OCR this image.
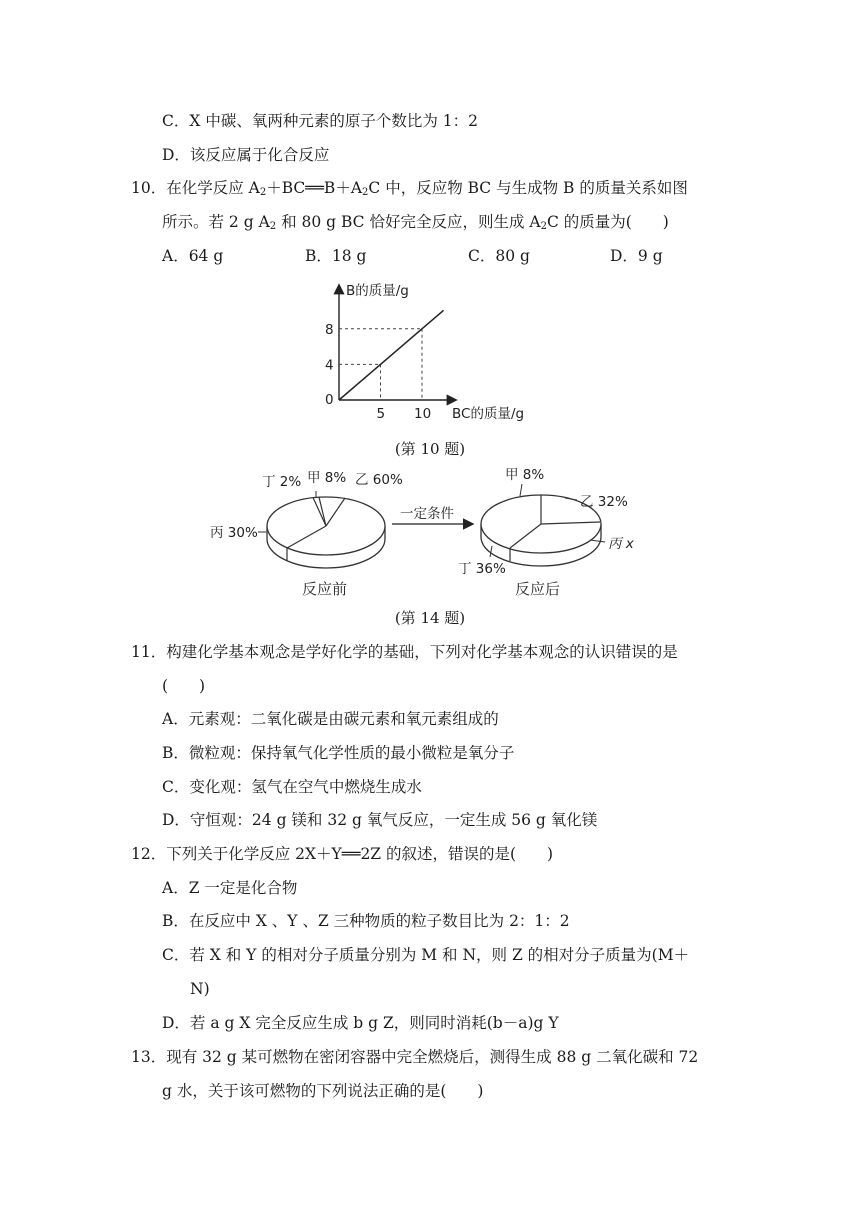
C．X 中碳、氧两种元素的原子个数比为 1：2
D．该反应属于化合反应
10．在化学反应 $A_2+BC══B+A_2C$ 中，反应物 BC 与生成物 B 的质量关系如图
所示。若 2 g $A_2$ 和 80 g BC 恰好完全反应，则生成 $A_2C$ 的质量为(　　)
A．64 g	B．18 g	C．80 g	D．9 g
B的质量/g
BC的质量/g
0
5 10
4
8
(第 10 题)
丁 2% 甲 8% 乙 60%
丙 30%
一定条件
甲 8%
乙 32%
丙 x
丁 36%
反应前	反应后
(第 14 题)
11．构建化学基本观念是学好化学的基础，下列对化学基本观念的认识错误的是
(　　)
A．元素观：二氧化碳是由碳元素和氧元素组成的
B．微粒观：保持氧气化学性质的最小微粒是氧分子
C．变化观：氢气在空气中燃烧生成水
D．守恒观：24 g 镁和 32 g 氧气反应，一定生成 56 g 氧化镁
12．下列关于化学反应 2X＋Y══2Z 的叙述，错误的是(　　)
A．Z 一定是化合物
B．在反应中 X 、Y 、Z 三种物质的粒子数目比为 2：1：2
C．若 X 和 Y 的相对分子质量分别为 M 和 N，则 Z 的相对分子质量为(M＋
N)
D．若 a g X 完全反应生成 b g Z，则同时消耗(b－a)g Y
13．现有 32 g 某可燃物在密闭容器中完全燃烧后，测得生成 88 g 二氧化碳和 72
g 水，关于该可燃物的下列说法正确的是(　　)
